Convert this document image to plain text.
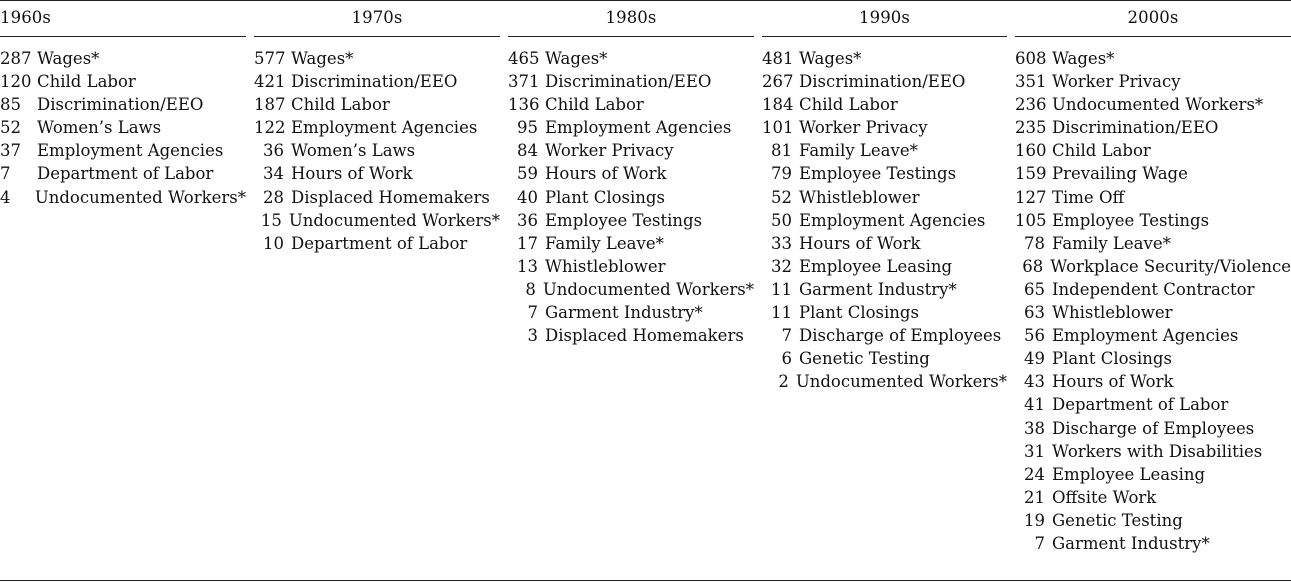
1960s
287 Wages*
120 Child Labor
85 Discrimination/EEO
52 Women’s Laws
37 Employment Agencies
7	Department of Labor
4	Undocumented Workers*
1970s
577 Wages*
421 Discrimination/EEO
187 Child Labor
122 Employment Agencies
36 Women’s Laws
34 Hours of Work
28 Displaced Homemakers
15 Undocumented Workers*
10 Department of Labor
1980s
465 Wages*
371 Discrimination/EEO
136 Child Labor
95 Employment Agencies
84 Worker Privacy
59 Hours of Work
40 Plant Closings
36 Employee Testings
17 Family Leave*
13 Whistleblower
8 Undocumented Workers*
7 Garment Industry*
3 Displaced Homemakers
1990s
481 Wages*
267 Discrimination/EEO
184 Child Labor
101 Worker Privacy
81 Family Leave*
79 Employee Testings
52 Whistleblower
50 Employment Agencies
33 Hours of Work
32 Employee Leasing
11 Garment Industry*
11 Plant Closings
7 Discharge of Employees
6 Genetic Testing
2 Undocumented Workers*
2000s
608 Wages*
351 Worker Privacy
236 Undocumented Workers*
235 Discrimination/EEO
160 Child Labor
159 Prevailing Wage
127 Time Off
105 Employee Testings
78 Family Leave*
68 Workplace Security/Violence
65 Independent Contractor
63 Whistleblower
56 Employment Agencies
49 Plant Closings
43 Hours of Work
41 Department of Labor
38 Discharge of Employees
31 Workers with Disabilities
24 Employee Leasing
21 Offsite Work
19 Genetic Testing
7 Garment Industry*
